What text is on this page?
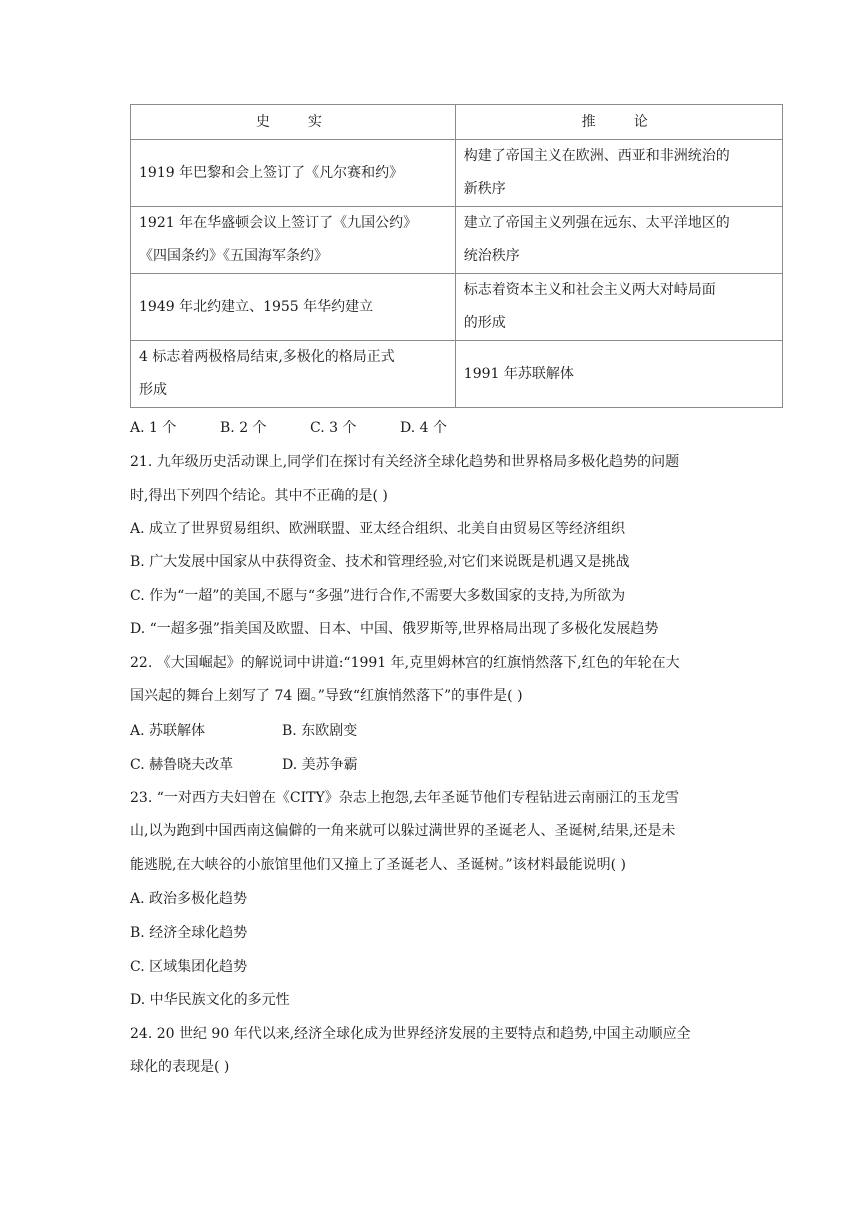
史 实	推 论
1919 年巴黎和会上签订了《凡尔赛和约》	构建了帝国主义在欧洲、西亚和非洲统治的
新秩序
1921 年在华盛顿会议上签订了《九国公约》
《四国条约》《五国海军条约》	建立了帝国主义列强在远东、太平洋地区的
统治秩序
1949 年北约建立、1955 年华约建立	标志着资本主义和社会主义两大对峙局面
的形成
4 标志着两极格局结束,多极化的格局正式
形成	1991 年苏联解体
A. 1 个	B. 2 个	C. 3 个	D. 4 个
21. 九年级历史活动课上,同学们在探讨有关经济全球化趋势和世界格局多极化趋势的问题
时,得出下列四个结论。其中不正确的是( )
A. 成立了世界贸易组织、欧洲联盟、亚太经合组织、北美自由贸易区等经济组织
B. 广大发展中国家从中获得资金、技术和管理经验,对它们来说既是机遇又是挑战
C. 作为“一超”的美国,不愿与“多强”进行合作,不需要大多数国家的支持,为所欲为
D. “一超多强”指美国及欧盟、日本、中国、俄罗斯等,世界格局出现了多极化发展趋势
22. 《大国崛起》的解说词中讲道:“1991 年,克里姆林宫的红旗悄然落下,红色的年轮在大
国兴起的舞台上刻写了 74 圈。”导致“红旗悄然落下”的事件是( )
A. 苏联解体	B. 东欧剧变
C. 赫鲁晓夫改革	D. 美苏争霸
23. “一对西方夫妇曾在《CITY》杂志上抱怨,去年圣诞节他们专程钻进云南丽江的玉龙雪
山,以为跑到中国西南这偏僻的一角来就可以躲过满世界的圣诞老人、圣诞树,结果,还是未
能逃脱,在大峡谷的小旅馆里他们又撞上了圣诞老人、圣诞树。”该材料最能说明( )
A. 政治多极化趋势
B. 经济全球化趋势
C. 区域集团化趋势
D. 中华民族文化的多元性
24. 20 世纪 90 年代以来,经济全球化成为世界经济发展的主要特点和趋势,中国主动顺应全
球化的表现是( )
